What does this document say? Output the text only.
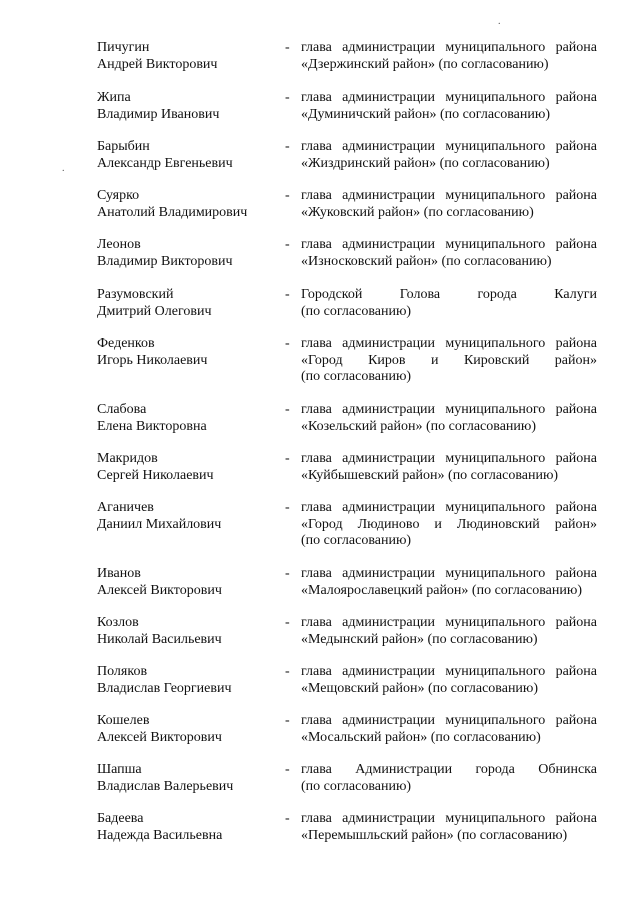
.
.
Пичугин
Андрей Викторович
- глава администрации муниципального района
«Дзержинский район» (по согласованию)
Жипа
Владимир Иванович
- глава администрации муниципального района
«Думиничский район» (по согласованию)
Барыбин
Александр Евгеньевич
- глава администрации муниципального района
«Жиздринский район» (по согласованию)
Суярко
Анатолий Владимирович
- глава администрации муниципального района
«Жуковский район» (по согласованию)
Леонов
Владимир Викторович
- глава администрации муниципального района
«Износковский район» (по согласованию)
Разумовский
Дмитрий Олегович
- Городской Голова города Калуги
(по согласованию)
Феденков
Игорь Николаевич
- глава администрации муниципального района
«Город Киров и Кировский район»
(по согласованию)
Слабова
Елена Викторовна
- глава администрации муниципального района
«Козельский район» (по согласованию)
Макридов
Сергей Николаевич
- глава администрации муниципального района
«Куйбышевский район» (по согласованию)
Аганичев
Даниил Михайлович
- глава администрации муниципального района
«Город Людиново и Людиновский район»
(по согласованию)
Иванов
Алексей Викторович
- глава администрации муниципального района
«Малоярославецкий район» (по согласованию)
Козлов
Николай Васильевич
- глава администрации муниципального района
«Медынский район» (по согласованию)
Поляков
Владислав Георгиевич
- глава администрации муниципального района
«Мещовский район» (по согласованию)
Кошелев
Алексей Викторович
- глава администрации муниципального района
«Мосальский район» (по согласованию)
Шапша
Владислав Валерьевич
- глава Администрации города Обнинска
(по согласованию)
Бадеева
Надежда Васильевна
- глава администрации муниципального района
«Перемышльский район» (по согласованию)
